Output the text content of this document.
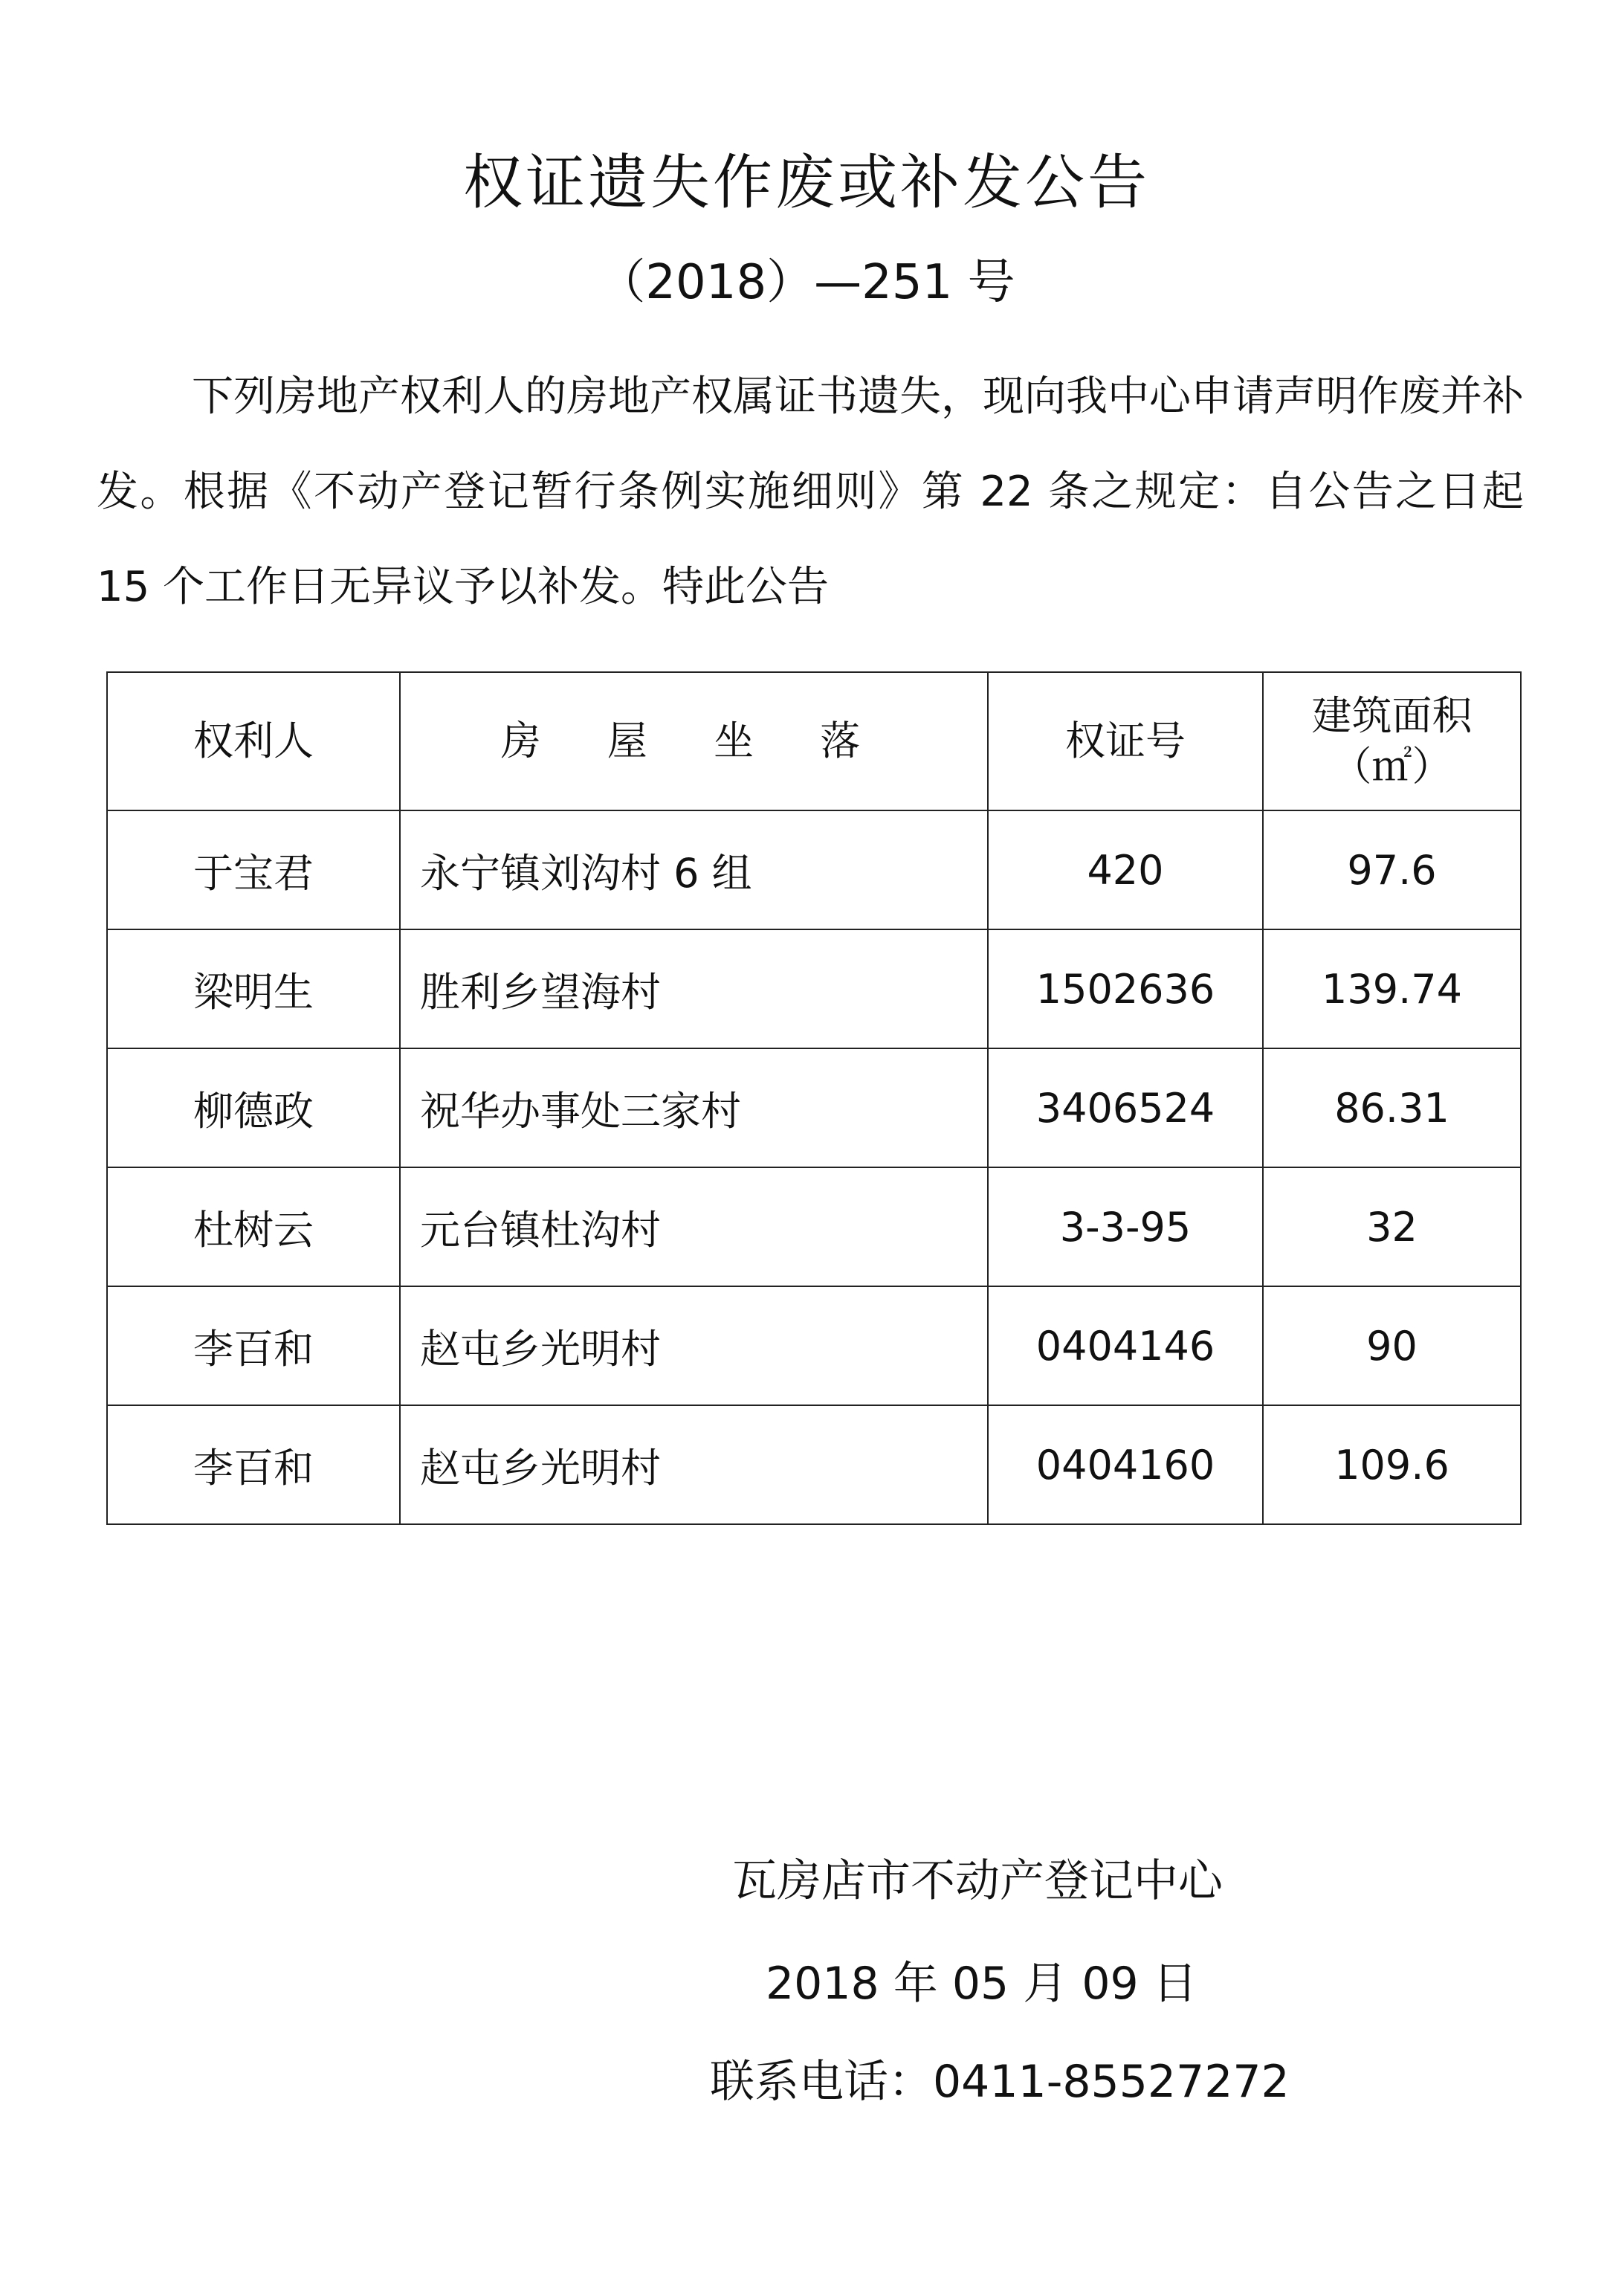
权证遗失作废或补发公告
（2018）—251 号

下列房地产权利人的房地产权属证书遗失，现向我中心申请声明作废并补发。根据《不动产登记暂行条例实施细则》第 22 条之规定：自公告之日起 15 个工作日无异议予以补发。特此公告

权利人	房 屋 坐 落	权证号	建筑面积
（㎡）

于宝君	永宁镇刘沟村 6 组	420	97.6
梁明生	胜利乡望海村	1502636	139.74
柳德政	祝华办事处三家村	3406524	86.31
杜树云	元台镇杜沟村	3-3-95	32
李百和	赵屯乡光明村	0404146	90
李百和	赵屯乡光明村	0404160	109.6
瓦房店市不动产登记中心
2018 年 05 月 09 日
联系电话：0411-85527272
